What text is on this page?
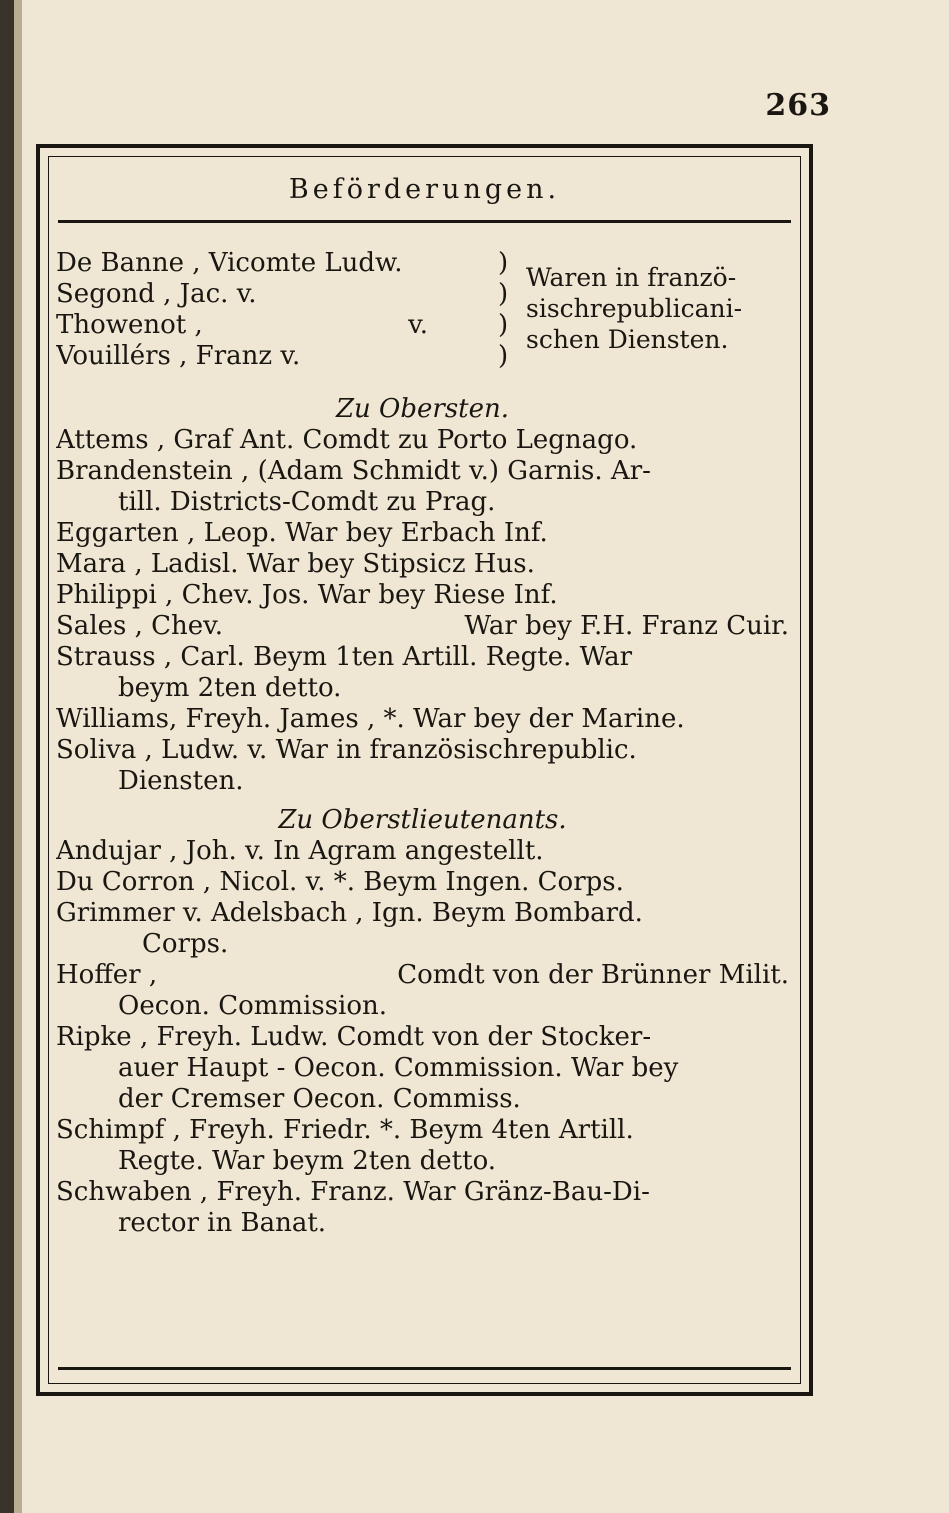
263
Beförderungen.
De Banne , Vicomte Ludw.
Segond , Jac. v.
Thowenot ,	v.
Vouillérs , Franz v.
)
)
)
)
Waren in franzö-
sischrepublicani-
schen Diensten.
Zu Obersten.
Attems , Graf Ant. Comdt zu Porto Legnago.
Brandenstein , (Adam Schmidt v.) Garnis. Ar-
till. Districts-Comdt zu Prag.
Eggarten , Leop. War bey Erbach Inf.
Mara , Ladisl. War bey Stipsicz Hus.
Philippi , Chev. Jos. War bey Riese Inf.
Sales , Chev.	War bey F.H. Franz Cuir.
Strauss , Carl. Beym 1ten Artill. Regte. War
beym 2ten detto.
Williams, Freyh. James , *. War bey der Marine.
Soliva , Ludw. v. War in französischrepublic.
Diensten.
Zu Oberstlieutenants.
Andujar , Joh. v. In Agram angestellt.
Du Corron , Nicol. v. *. Beym Ingen. Corps.
Grimmer v. Adelsbach , Ign. Beym Bombard.
Corps.
Hoffer ,	Comdt von der Brünner Milit.
Oecon. Commission.
Ripke , Freyh. Ludw. Comdt von der Stocker-
auer Haupt - Oecon. Commission. War bey
der Cremser Oecon. Commiss.
Schimpf , Freyh. Friedr. *. Beym 4ten Artill.
Regte. War beym 2ten detto.
Schwaben , Freyh. Franz. War Gränz-Bau-Di-
rector in Banat.
